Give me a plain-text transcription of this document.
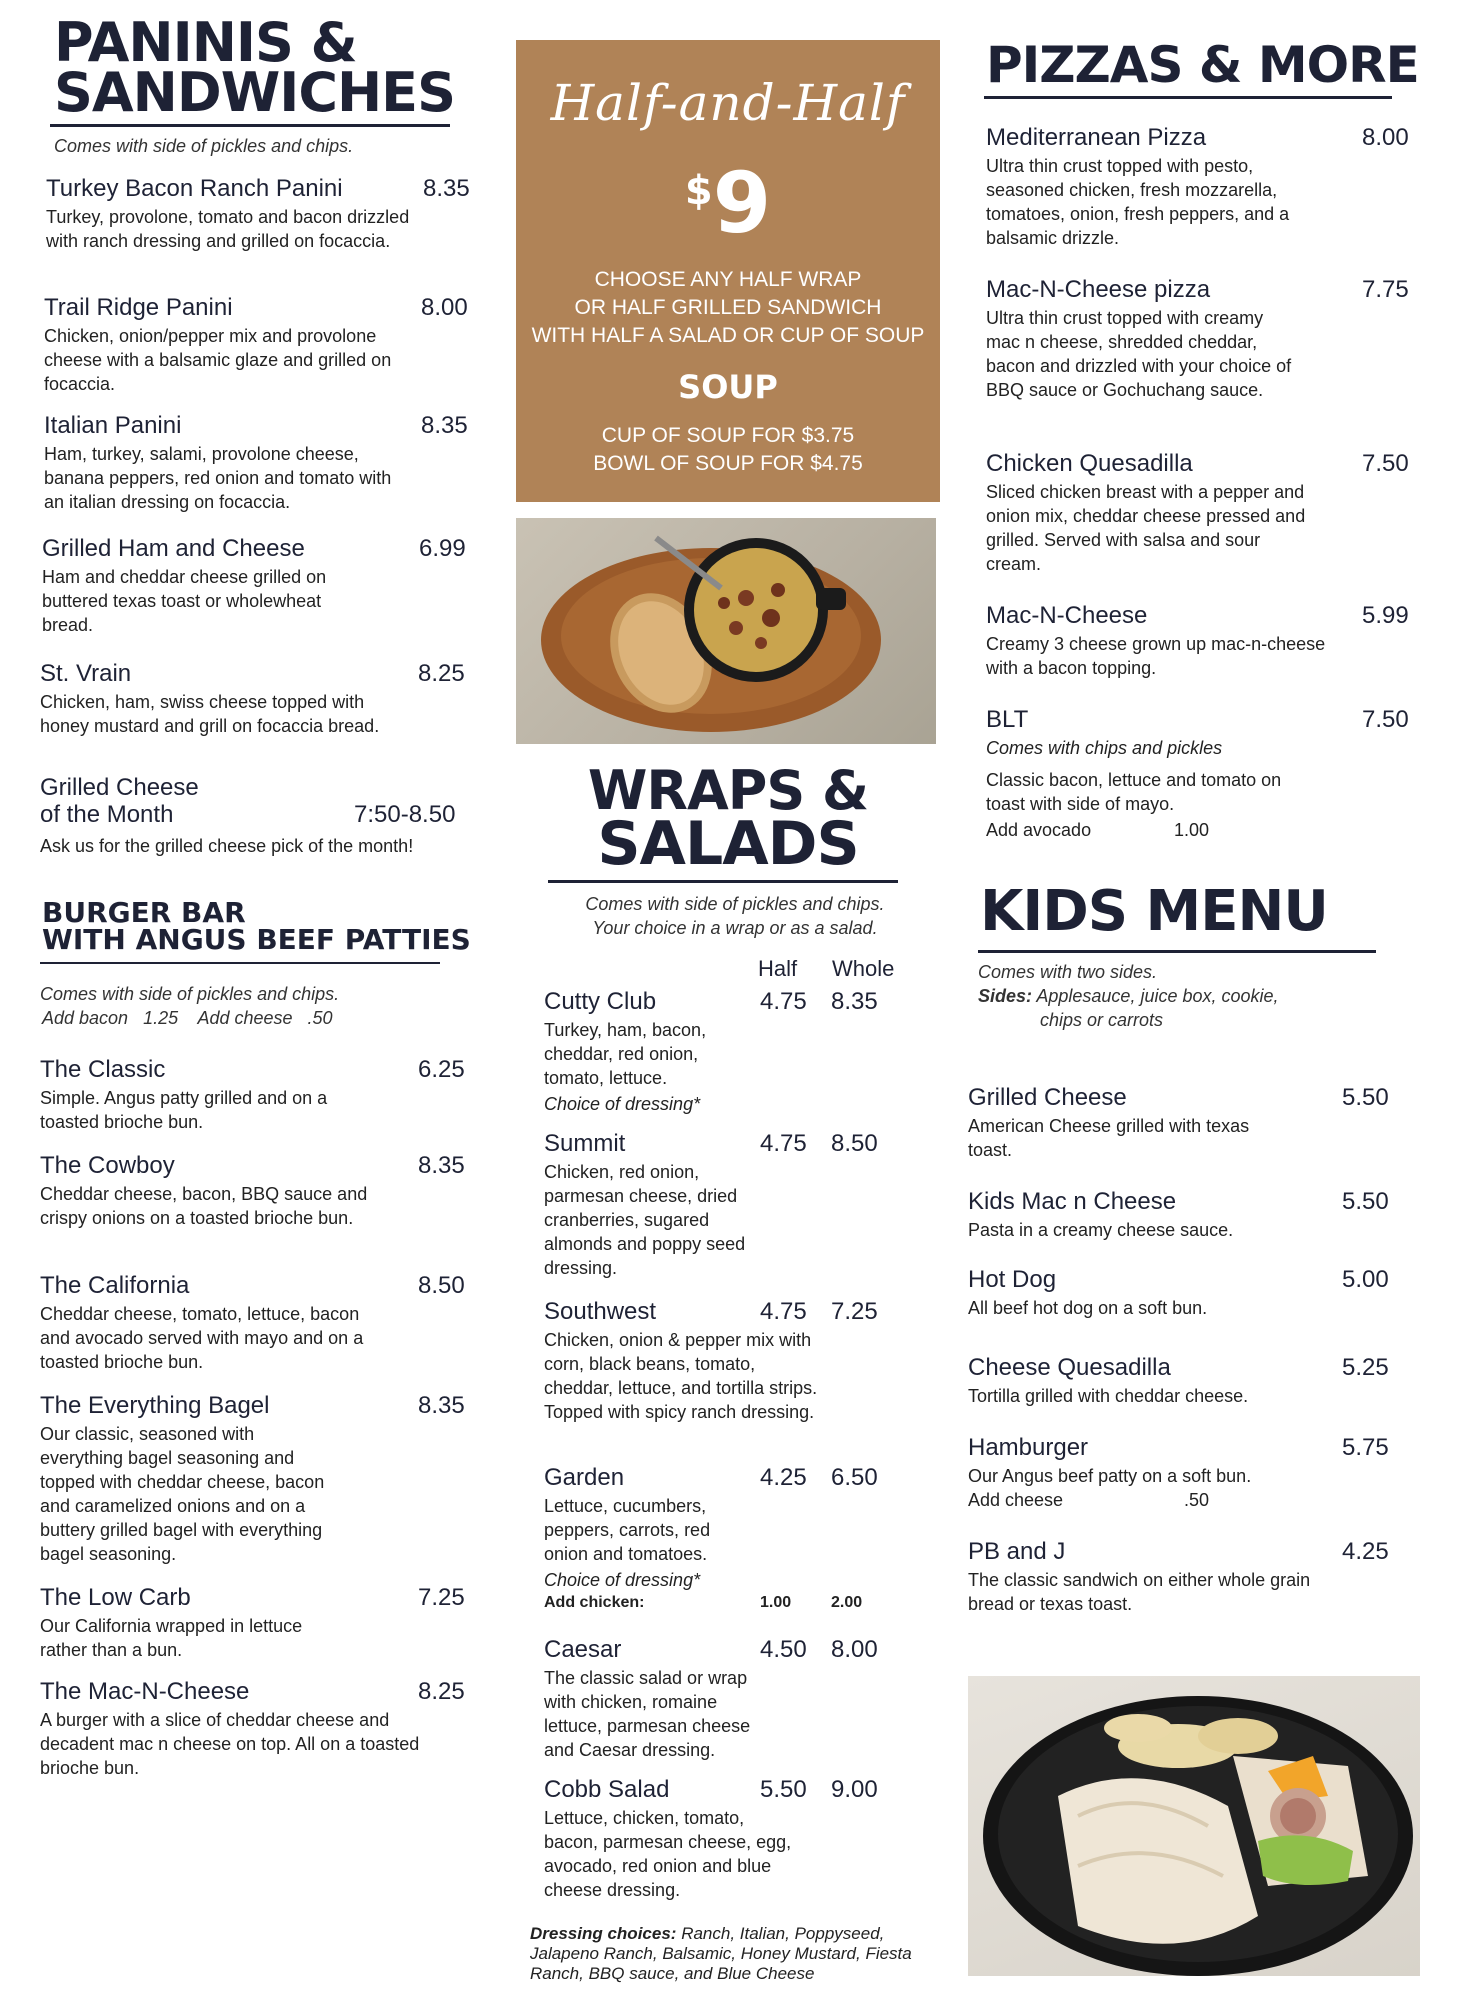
PANINIS &
SANDWICHES
Comes with side of pickles and chips.
Turkey Bacon Ranch Panini	8.35
Turkey, provolone, tomato and bacon drizzled with ranch dressing and grilled on focaccia.
Trail Ridge Panini	8.00
Chicken, onion/pepper mix and provolone cheese with a balsamic glaze and grilled on focaccia.
Italian Panini	8.35
Ham, turkey, salami, provolone cheese, banana peppers, red onion and tomato with an italian dressing on focaccia.
Grilled Ham and Cheese	6.99
Ham and cheddar cheese grilled on buttered texas toast or wholewheat bread.
St. Vrain	8.25
Chicken, ham, swiss cheese topped with honey mustard and grill on focaccia bread.
Grilled Cheese
of the Month	7:50-8.50
Ask us for the grilled cheese pick of the month!
BURGER BAR
WITH ANGUS BEEF PATTIES
Comes with side of pickles and chips.
Add bacon   1.25    Add cheese   .50
The Classic	6.25
Simple. Angus patty grilled and on a toasted brioche bun.
The Cowboy	8.35
Cheddar cheese, bacon, BBQ sauce and crispy onions on a toasted brioche bun.
The California	8.50
Cheddar cheese, tomato, lettuce, bacon and avocado served with mayo and on a toasted brioche bun.
The Everything Bagel	8.35
Our classic, seasoned with everything bagel seasoning and topped with cheddar cheese, bacon and caramelized onions and on a buttery grilled bagel with everything bagel seasoning.
The Low Carb	7.25
Our California wrapped in lettuce rather than a bun.
The Mac-N-Cheese	8.25
A burger with a slice of cheddar cheese and decadent mac n cheese on top. All on a toasted brioche bun.
Half-and-Half
$9
CHOOSE ANY HALF WRAP
OR HALF GRILLED SANDWICH
WITH HALF A SALAD OR CUP OF SOUP
SOUP
CUP OF SOUP FOR $3.75
BOWL OF SOUP FOR $4.75
WRAPS &
SALADS
Comes with side of pickles and chips.
Your choice in a wrap or as a salad.
Half Whole
Cutty Club	4.75 8.35
Turkey, ham, bacon, cheddar, red onion, tomato, lettuce.
Choice of dressing*
Summit	4.75 8.50
Chicken, red onion, parmesan cheese, dried cranberries, sugared almonds and poppy seed dressing.
Southwest	4.75 7.25
Chicken, onion & pepper mix with corn, black beans, tomato, cheddar, lettuce, and tortilla strips. Topped with spicy ranch dressing.
Garden	4.25 6.50
Lettuce, cucumbers, peppers, carrots, red onion and tomatoes.
Choice of dressing*
Add chicken:	1.00 2.00
Caesar	4.50 8.00
The classic salad or wrap with chicken, romaine lettuce, parmesan cheese and Caesar dressing.
Cobb Salad	5.50 9.00
Lettuce, chicken, tomato, bacon, parmesan cheese, egg, avocado, red onion and blue cheese dressing.
Dressing choices: Ranch, Italian, Poppyseed, Jalapeno Ranch, Balsamic, Honey Mustard, Fiesta Ranch, BBQ sauce, and Blue Cheese
PIZZAS & MORE
Mediterranean Pizza	8.00
Ultra thin crust topped with pesto, seasoned chicken, fresh mozzarella, tomatoes, onion, fresh peppers, and a balsamic drizzle.
Mac-N-Cheese pizza	7.75
Ultra thin crust topped with creamy mac n cheese, shredded cheddar, bacon and drizzled with your choice of BBQ sauce or Gochuchang sauce.
Chicken Quesadilla	7.50
Sliced chicken breast with a pepper and onion mix, cheddar cheese pressed and grilled. Served with salsa and sour cream.
Mac-N-Cheese	5.99
Creamy 3 cheese grown up mac-n-cheese with a bacon topping.
BLT	7.50
Comes with chips and pickles
Classic bacon, lettuce and tomato on toast with side of mayo.
Add avocado	1.00
KIDS MENU
Comes with two sides.
Sides: Applesauce, juice box, cookie,
chips or carrots
Grilled Cheese	5.50
American Cheese grilled with texas toast.
Kids Mac n Cheese	5.50
Pasta in a creamy cheese sauce.
Hot Dog	5.00
All beef hot dog on a soft bun.
Cheese Quesadilla	5.25
Tortilla grilled with cheddar cheese.
Hamburger	5.75
Our Angus beef patty on a soft bun.
Add cheese	.50
PB and J	4.25
The classic sandwich on either whole grain bread or texas toast.
